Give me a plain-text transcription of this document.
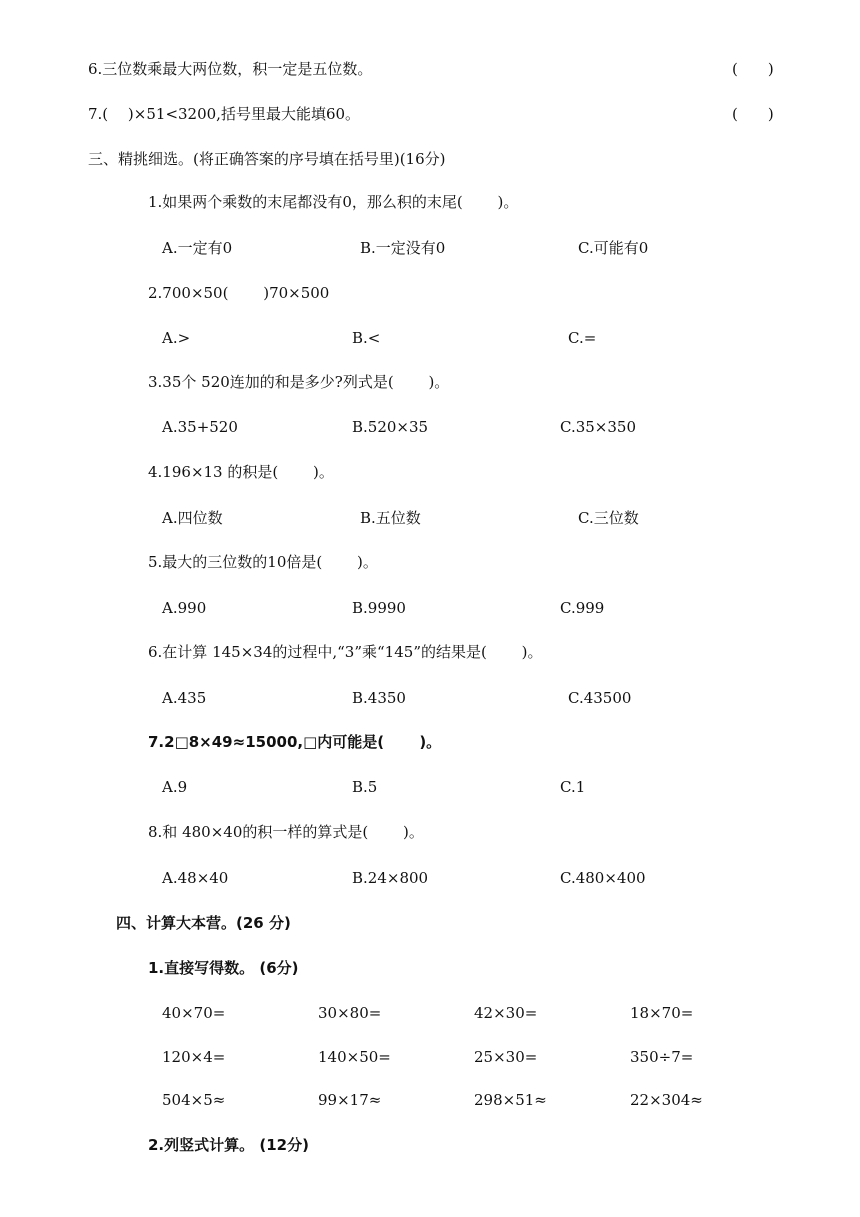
6.三位数乘最大两位数，积一定是五位数。	(　　)
7.(　 )×51<3200,括号里最大能填60。	(　　)
三、精挑细选。(将正确答案的序号填在括号里)(16分)
1.如果两个乘数的末尾都没有0，那么积的末尾(　　 )。
A.一定有0	B.一定没有0	C.可能有0
2.700×50(　　 )70×500
A.>	B.<	C.=
3.35个 520连加的和是多少?列式是(　　 )。
A.35+520	B.520×35	C.35×350
4.196×13 的积是(　　 )。
A.四位数	B.五位数	C.三位数
5.最大的三位数的10倍是(　　 )。
A.990	B.9990	C.999
6.在计算 145×34的过程中,“3”乘“145”的结果是(　　 )。
A.435	B.4350	C.43500
7.2□8×49≈15000,□内可能是(　　 )。
A.9	B.5	C.1
8.和 480×40的积一样的算式是(　　 )。
A.48×40	B.24×800	C.480×400
四、计算大本营。(26 分)
1.直接写得数。 (6分)
40×70=	30×80=	42×30=	18×70=
120×4=	140×50=	25×30=	350÷7=
504×5≈	99×17≈	298×51≈	22×304≈
2.列竖式计算。 (12分)
